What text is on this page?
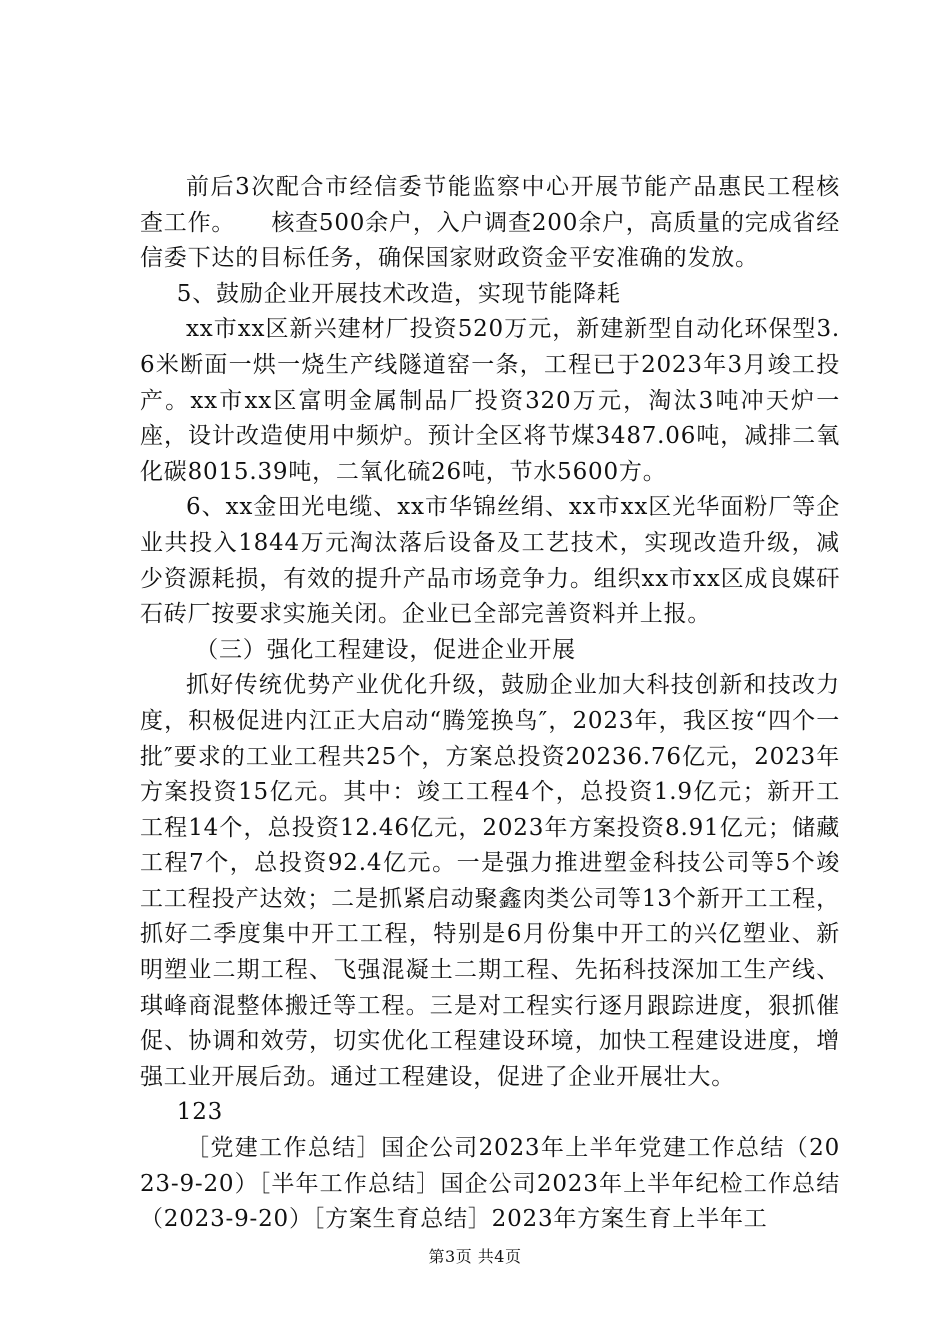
前后3次配合市经信委节能监察中心开展节能产品惠民工程核查工作。　　核查500余户，入户调查200余户，高质量的完成省经信委下达的目标任务，确保国家财政资金平安准确的发放。

5、鼓励企业开展技术改造，实现节能降耗

xx市xx区新兴建材厂投资520万元，新建新型自动化环保型3.6米断面一烘一烧生产线隧道窑一条，工程已于2023年3月竣工投产。xx市xx区富明金属制品厂投资320万元，淘汰3吨冲天炉一座，设计改造使用中频炉。预计全区将节煤3487.06吨，减排二氧化碳8015.39吨，二氧化硫26吨，节水5600方。

6、xx金田光电缆、xx市华锦丝绢、xx市xx区光华面粉厂等企业共投入1844万元淘汰落后设备及工艺技术，实现改造升级，减少资源耗损，有效的提升产品市场竞争力。组织xx市xx区成良媒矸石砖厂按要求实施关闭。企业已全部完善资料并上报。

（三）强化工程建设，促进企业开展

抓好传统优势产业优化升级，鼓励企业加大科技创新和技改力度，积极促进内江正大启动“腾笼换鸟″，2023年，我区按“四个一批″要求的工业工程共25个，方案总投资20236.76亿元，2023年方案投资15亿元。其中：竣工工程4个，总投资1.9亿元；新开工工程14个，总投资12.46亿元，2023年方案投资8.91亿元；储藏工程7个，总投资92.4亿元。一是强力推进塑金科技公司等5个竣工工程投产达效；二是抓紧启动聚鑫肉类公司等13个新开工工程，抓好二季度集中开工工程，特别是6月份集中开工的兴亿塑业、新明塑业二期工程、飞强混凝土二期工程、先拓科技深加工生产线、琪峰商混整体搬迁等工程。三是对工程实行逐月跟踪进度，狠抓催促、协调和效劳，切实优化工程建设环境，加快工程建设进度，增强工业开展后劲。通过工程建设，促进了企业开展壮大。

123

［党建工作总结］国企公司2023年上半年党建工作总结（2023-9-20）［半年工作总结］国企公司2023年上半年纪检工作总结（2023-9-20）［方案生育总结］2023年方案生育上半年工

第3页 共4页
